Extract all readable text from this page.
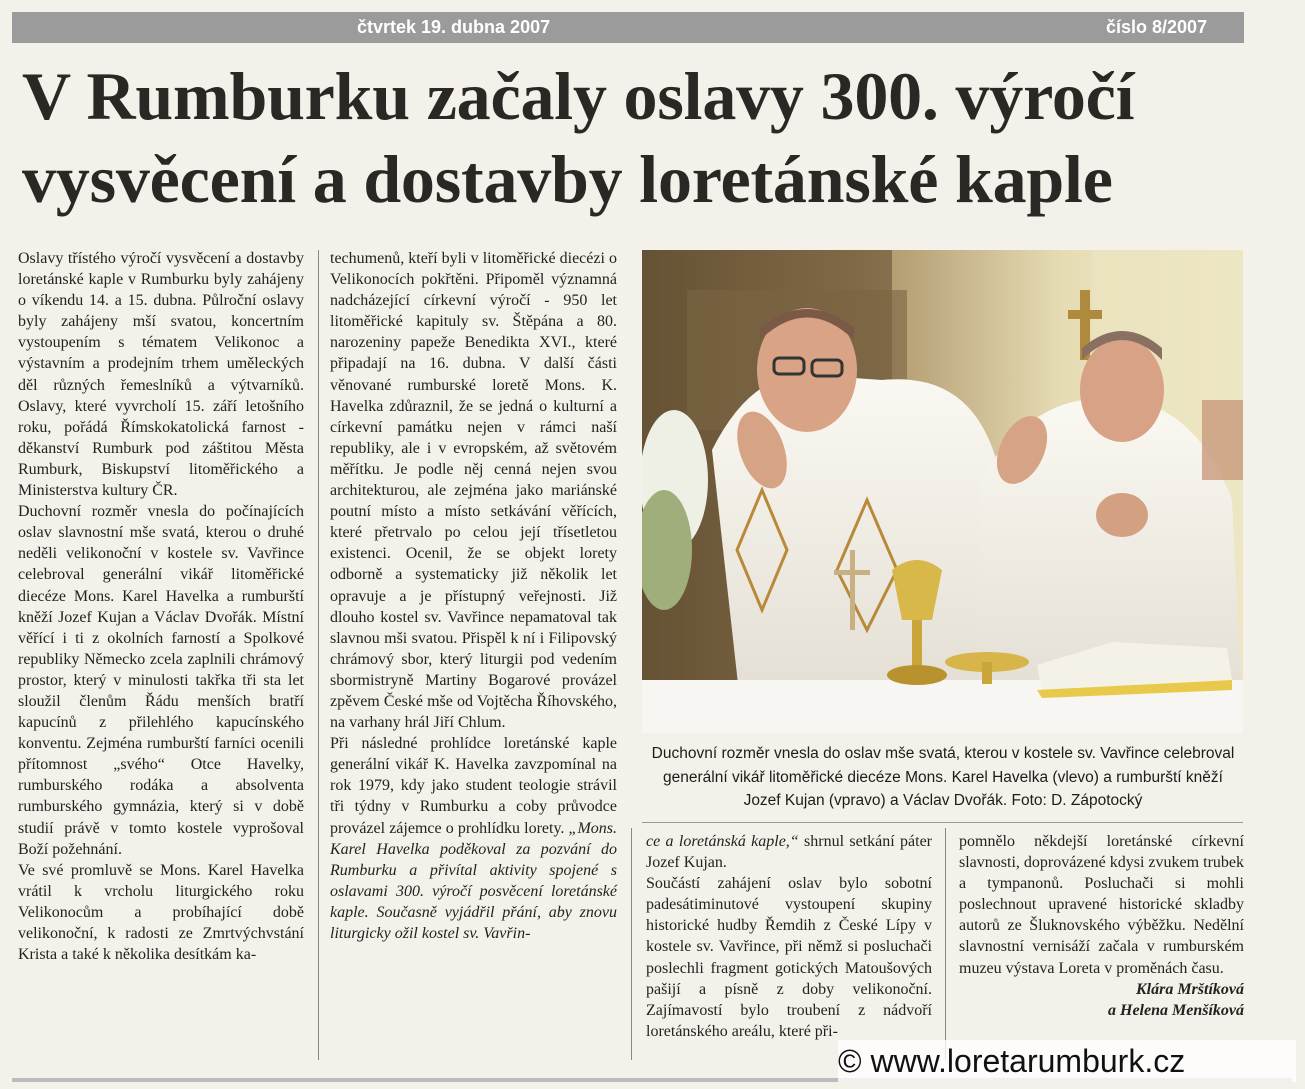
čtvrtek 19. dubna 2007	číslo 8/2007
V Rumburku začaly oslavy 300. výročí vysvěcení a dostavby loretánské kaple

Oslavy třístého výročí vysvěcení a dostavby loretánské kaple v Rumburku byly zahájeny o víkendu 14. a 15. dubna. Půlroční oslavy byly zahájeny mší svatou, koncertním vystoupením s tématem Velikonoc a výstavním a prodejním trhem uměleckých děl různých řemeslníků a výtvarníků. Oslavy, které vyvrcholí 15. září letošního roku, pořádá Římskokatolická farnost - děkanství Rumburk pod záštitou Města Rumburk, Biskupství litoměřického a Ministerstva kultury ČR.

Duchovní rozměr vnesla do počínajících oslav slavnostní mše svatá, kterou o druhé neděli velikonoční v kostele sv. Vavřince celebroval generální vikář litoměřické diecéze Mons. Karel Havelka a rumburští kněží Jozef Kujan a Václav Dvořák. Místní věřící i ti z okolních farností a Spolkové republiky Německo zcela zaplnili chrámový prostor, který v minulosti takřka tři sta let sloužil členům Řádu menších bratří kapucínů z přilehlého kapucínského konventu. Zejména rumburští farníci ocenili přítomnost „svého“ Otce Havelky, rumburského rodáka a absolventa rumburského gymnázia, který si v době studií právě v tomto kostele vyprošoval Boží požehnání.

Ve své promluvě se Mons. Karel Havelka vrátil k vrcholu liturgického roku Velikonocům a probíhající době velikonoční, k radosti ze Zmrtvýchvstání Krista a také k několika desítkám ka-

techumenů, kteří byli v litoměřické diecézi o Velikonocích pokřtěni. Připoměl významná nadcházející církevní výročí - 950 let litoměřické kapituly sv. Štěpána a 80. narozeniny papeže Benedikta XVI., které připadají na 16. dubna. V další části věnované rumburské loretě Mons. K. Havelka zdůraznil, že se jedná o kulturní a církevní památku nejen v rámci naší republiky, ale i v evropském, až světovém měřítku. Je podle něj cenná nejen svou architekturou, ale zejména jako mariánské poutní místo a místo setkávání věřících, které přetrvalo po celou její třísetletou existenci. Ocenil, že se objekt lorety odborně a systematicky již několik let opravuje a je přístupný veřejnosti. Již dlouho kostel sv. Vavřince nepamatoval tak slavnou mši svatou. Přispěl k ní i Filipovský chrámový sbor, který liturgii pod vedením sbormistryně Martiny Bogarové provázel zpěvem České mše od Vojtěcha Říhovského, na varhany hrál Jiří Chlum.

Při následné prohlídce loretánské kaple generální vikář K. Havelka zavzpomínal na rok 1979, kdy jako student teologie strávil tři týdny v Rumburku a coby průvodce provázel zájemce o prohlídku lorety. „Mons. Karel Havelka poděkoval za pozvání do Rumburku a přivítal aktivity spojené s oslavami 300. výročí posvěcení loretánské kaple. Současně vyjádřil přání, aby znovu liturgicky ožil kostel sv. Vavřin-

Duchovní rozměr vnesla do oslav mše svatá, kterou v kostele sv. Vavřince celebroval generální vikář litoměřické diecéze Mons. Karel Havelka (vlevo) a rumburští kněží Jozef Kujan (vpravo) a Václav Dvořák. Foto: D. Zápotocký

ce a loretánská kaple,“ shrnul setkání páter Jozef Kujan.

Součástí zahájení oslav bylo sobotní padesátiminutové vystoupení skupiny historické hudby Řemdih z České Lípy v kostele sv. Vavřince, při němž si posluchači poslechli fragment gotických Matoušových pašijí a písně z doby velikonoční. Zajímavostí bylo troubení z nádvoří loretánského areálu, které při-

pomnělo někdejší loretánské církevní slavnosti, doprovázené kdysi zvukem trubek a tympanonů. Posluchači si mohli poslechnout upravené historické skladby autorů ze Šluknovského výběžku. Nedělní slavnostní vernisáží začala v rumburském muzeu výstava Loreta v proměnách času.

Klára Mrštíková

a Helena Menšíková

© www.loretarumburk.cz
